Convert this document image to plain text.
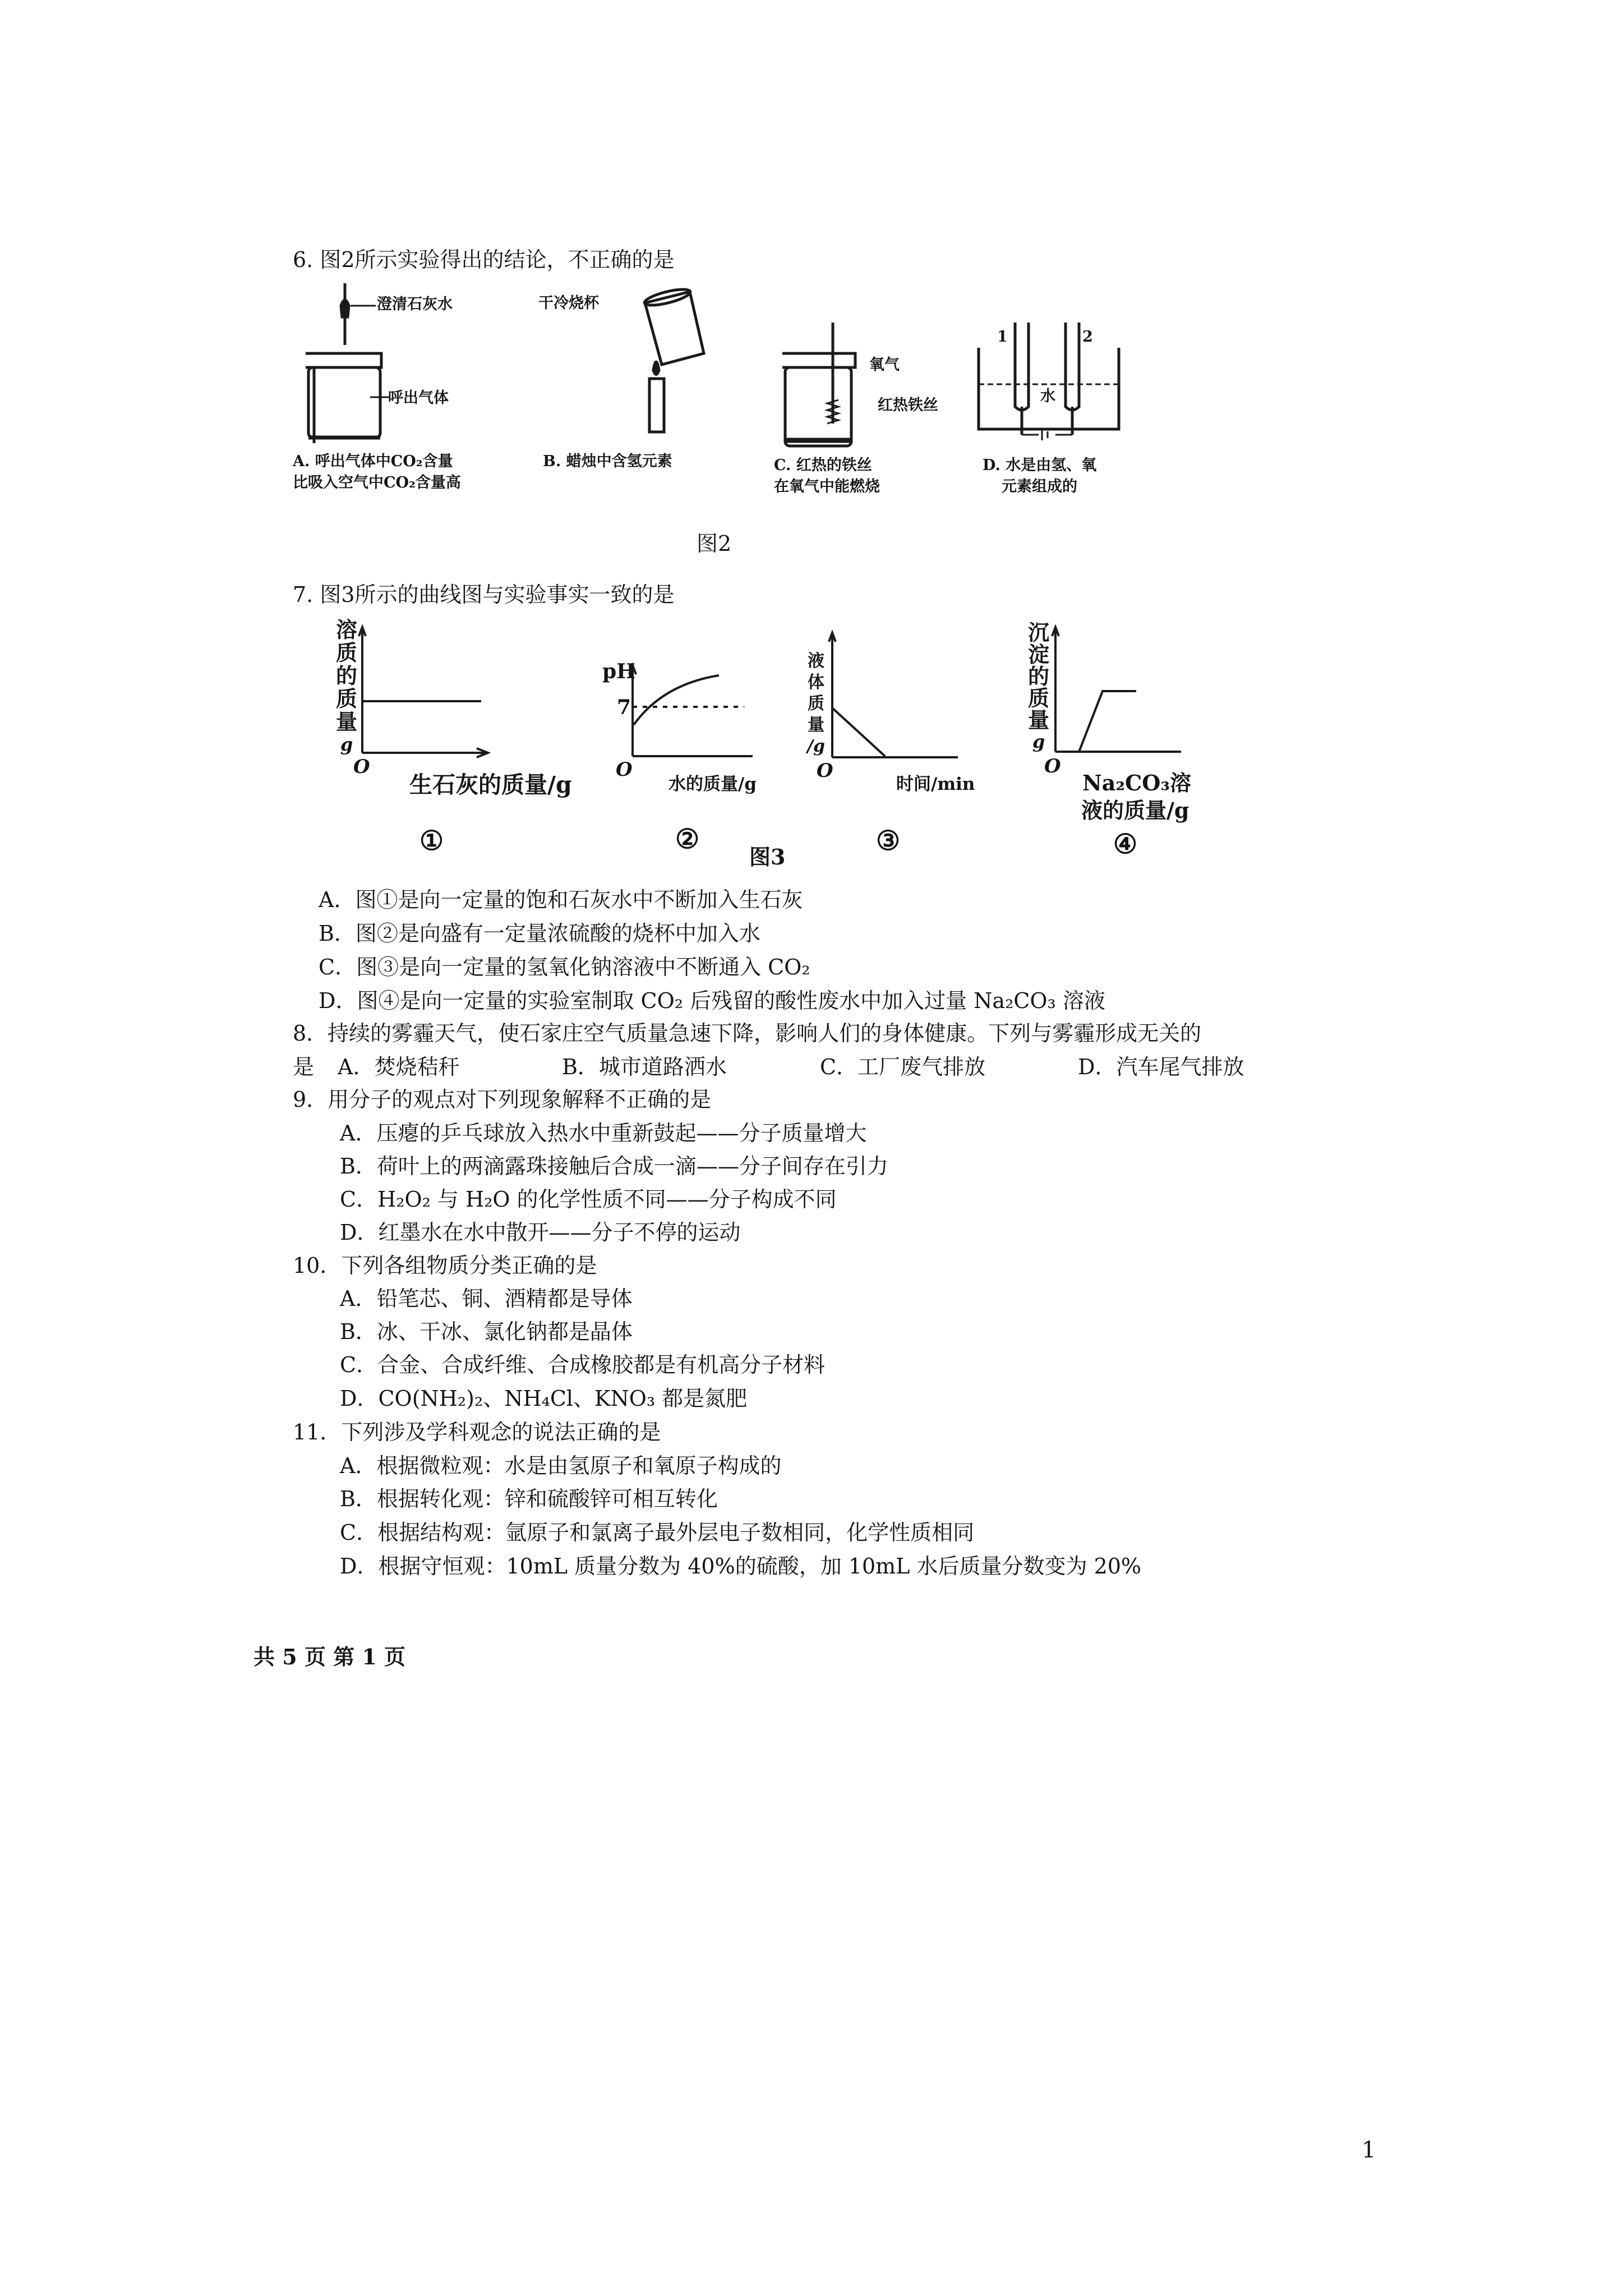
6. 图2所示实验得出的结论，不正确的是
澄清石灰水
呼出气体
A. 呼出气体中CO₂含量
比吸入空气中CO₂含量高
干冷烧杯
B. 蜡烛中含氢元素
氧气
红热铁丝
C. 红热的铁丝
在氧气中能燃烧
1	2
水
D. 水是由氢、氧
元素组成的
图2
7. 图3所示的曲线图与实验事实一致的是
溶
质
的
质
量
g
O
生石灰的质量/g
①
pH
7
O
水的质量/g
②
液
体
质
量
/g
O
时间/min
③
沉
淀
的
质
量
g
O
Na₂CO₃溶
液的质量/g
④
图3
A．图①是向一定量的饱和石灰水中不断加入生石灰
B．图②是向盛有一定量浓硫酸的烧杯中加入水
C．图③是向一定量的氢氧化钠溶液中不断通入 CO₂
D．图④是向一定量的实验室制取 CO₂ 后残留的酸性废水中加入过量 Na₂CO₃ 溶液
8．持续的雾霾天气，使石家庄空气质量急速下降，影响人们的身体健康。下列与雾霾形成无关的
是 A．焚烧秸秆	B．城市道路洒水	C．工厂废气排放	D．汽车尾气排放
9．用分子的观点对下列现象解释不正确的是
A．压瘪的乒乓球放入热水中重新鼓起——分子质量增大
B．荷叶上的两滴露珠接触后合成一滴——分子间存在引力
C．H₂O₂ 与 H₂O 的化学性质不同——分子构成不同
D．红墨水在水中散开——分子不停的运动
10．下列各组物质分类正确的是
A．铅笔芯、铜、酒精都是导体
B．冰、干冰、氯化钠都是晶体
C．合金、合成纤维、合成橡胶都是有机高分子材料
D．CO(NH₂)₂、NH₄Cl、KNO₃ 都是氮肥
11．下列涉及学科观念的说法正确的是
A．根据微粒观：水是由氢原子和氧原子构成的
B．根据转化观：锌和硫酸锌可相互转化
C．根据结构观：氩原子和氯离子最外层电子数相同，化学性质相同
D．根据守恒观：10mL 质量分数为 40%的硫酸，加 10mL 水后质量分数变为 20%
共 5 页 第 1 页
1
